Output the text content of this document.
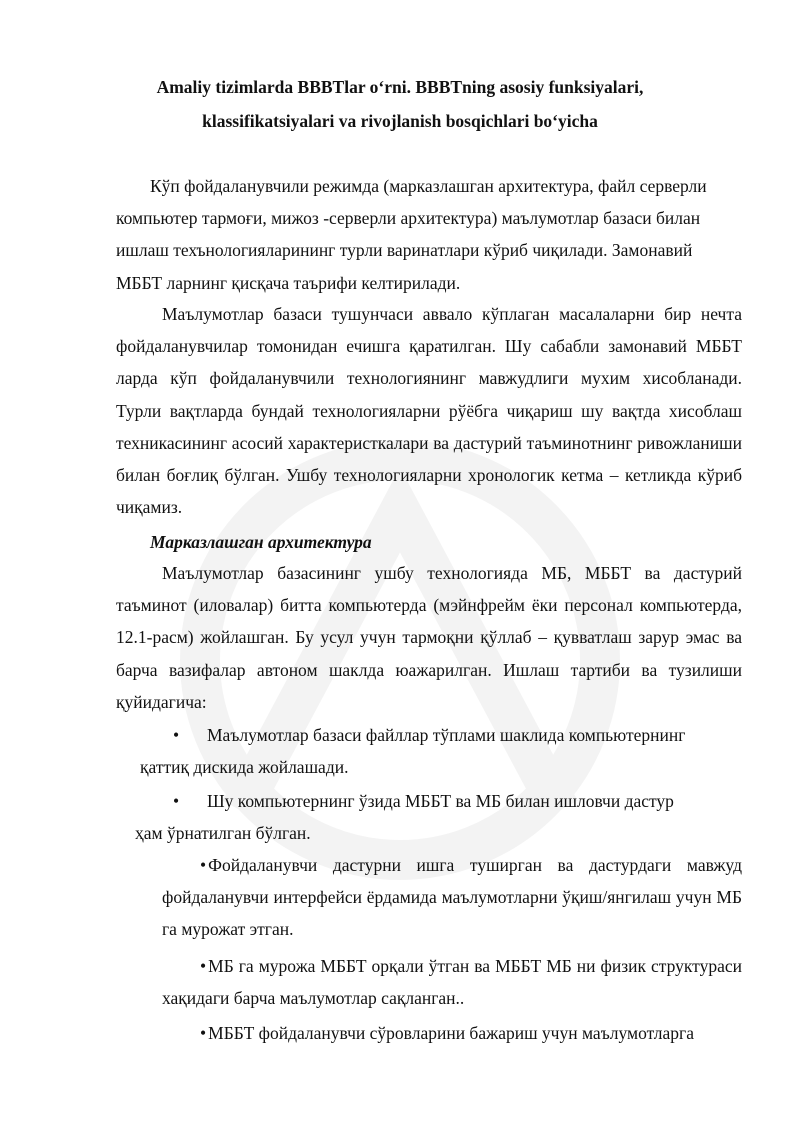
Amaliy tizimlarda BBBTlar o‘rni. BBBTning asosiy funksiyalari,
klassifikatsiyalari va rivojlanish bosqichlari bo‘yicha
Кўп фойдаланувчили режимда (марказлашган архитектура, файл серверли компьютер тармоғи, мижоз -серверли архитектура) маълумотлар базаси билан ишлаш техънологияларининг турли варинатлари кўриб чиқилади. Замонавий МББТ ларнинг қисқача таърифи келтирилади.
Маълумотлар базаси тушунчаси аввало кўплаган масалаларни бир нечта фойдаланувчилар томонидан ечишга қаратилган. Шу сабабли замонавий МББТ ларда кўп фойдаланувчили технологиянинг мавжудлиги мухим хисобланади. Турли вақтларда бундай технологияларни рўёбга чиқариш шу вақтда хисоблаш техникасининг асосий характеристкалари ва дастурий таъминотнинг ривожланиши билан боғлиқ бўлган. Ушбу технологияларни хронологик кетма – кетликда кўриб чиқамиз.
Марказлашган архитектура
Маълумотлар базасининг ушбу технологияда МБ, МББТ ва дастурий таъминот (иловалар) битта компьютерда (мэйнфрейм ёки персонал компьютерда, 12.1-расм) жойлашган. Бу усул учун тармоқни қўллаб – қувватлаш зарур эмас ва барча вазифалар автоном шаклда юажарилган. Ишлаш тартиби ва тузилиши қуйидагича:
• Маълумотлар базаси файллар тўплами шаклида компьютернинг
қаттиқ дискида жойлашади.
• Шу компьютернинг ўзида МББТ ва МБ билан ишловчи дастур
ҳам ўрнатилган бўлган.
• Фойдаланувчи дастурни ишга туширган ва дастурдаги мавжуд фойдаланувчи интерфейси ёрдамида маълумотларни ўқиш/янгилаш учун МБ га мурожат этган.
• МБ га мурожа МББТ орқали ўтган ва МББТ МБ ни физик структураси хақидаги барча маълумотлар сақланган..
• МББТ фойдаланувчи сўровларини бажариш учун маълумотларга
